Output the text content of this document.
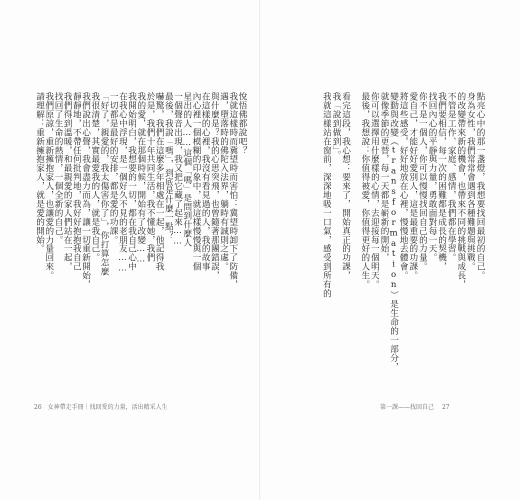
悅悟佛都說吧？
我就這樣時而冀望時而害怕：冀望時卸下了防備，
遇，墮落時的佛陀入法界，躺時有誠則之處。
與什麼是？我的心思突飛，也曾隨著那團錯誤，
在這樣的心裡，我沒有看見過的人，我的故事
內心裡一個模糊的印象中，就這樣慢慢與一個
星出的人……這個「嗎」是問到什麼人
一個聲音出現，我又把它藏了起來……
最後，我說「嗎」，到底是什麼一點？
嚇驚，我們在這麼多年相處在一起，他記得我
於是，我們十年共同生活，我不懂她，我們
我的愛，就在那個時候，開始有了改變……
我開始明白，我想要的一切，都在我自己心中
在我心中浮現，是一個好久不見的老朋友……
一切都是最好的安排，都是愛的功課。
「好了，親愛的，我太傷害你了」，你打算怎麼
我很清楚，其實最愛我的人，就是我自己。
我們說出心聲，我會盡力而為，讓一切重新開始，
靜靜地，不帶任何批判地，我好好抱抱我自己
我們得到溫暖，和最親愛的家人們站在一起，
找回了生命的熱情，一個全新的自己。
我們原諒，重新擁抱家人，也讓愛的力量回來。
請理解：重新擁抱家人，就是愛的開始。
26 女神帶走手冊｜找回愛的力量，活出精采人生
點亮心中的那一盞燈，我想要找回最初的自己。
身為女性，我們常常會遇到各種難題與挑戰。
的改變帶來新的機會，也帶來不同的挑戰與成長，
不管是工作、家庭、感情，我們都在學習。
我們要相信，每一次的困難都是成長的契機，
找回內心的平靜與力量，勇敢面對每一天。
你不是一個人，你可以慢慢找回自己的力量。
愛自己，才能好好愛別人，這是最重要的功課。
將這些感受，好好地放在心裡，慢慢地去體會。
變動與改變（transformation）是生命的一部分，
就像季節的更替，每一天都是嶄新的開始，
你可以選擇用什麼樣的心情，去迎接每一個明天。
最後，我想說：你值得被愛，你值得更好的人生。
看完這段，我心想：要來了，開始真正的功課，
我「說到做到」。
我就這樣站在窗前，深深地吸一口氣，感受到所有的
第一課——找回自己 27
